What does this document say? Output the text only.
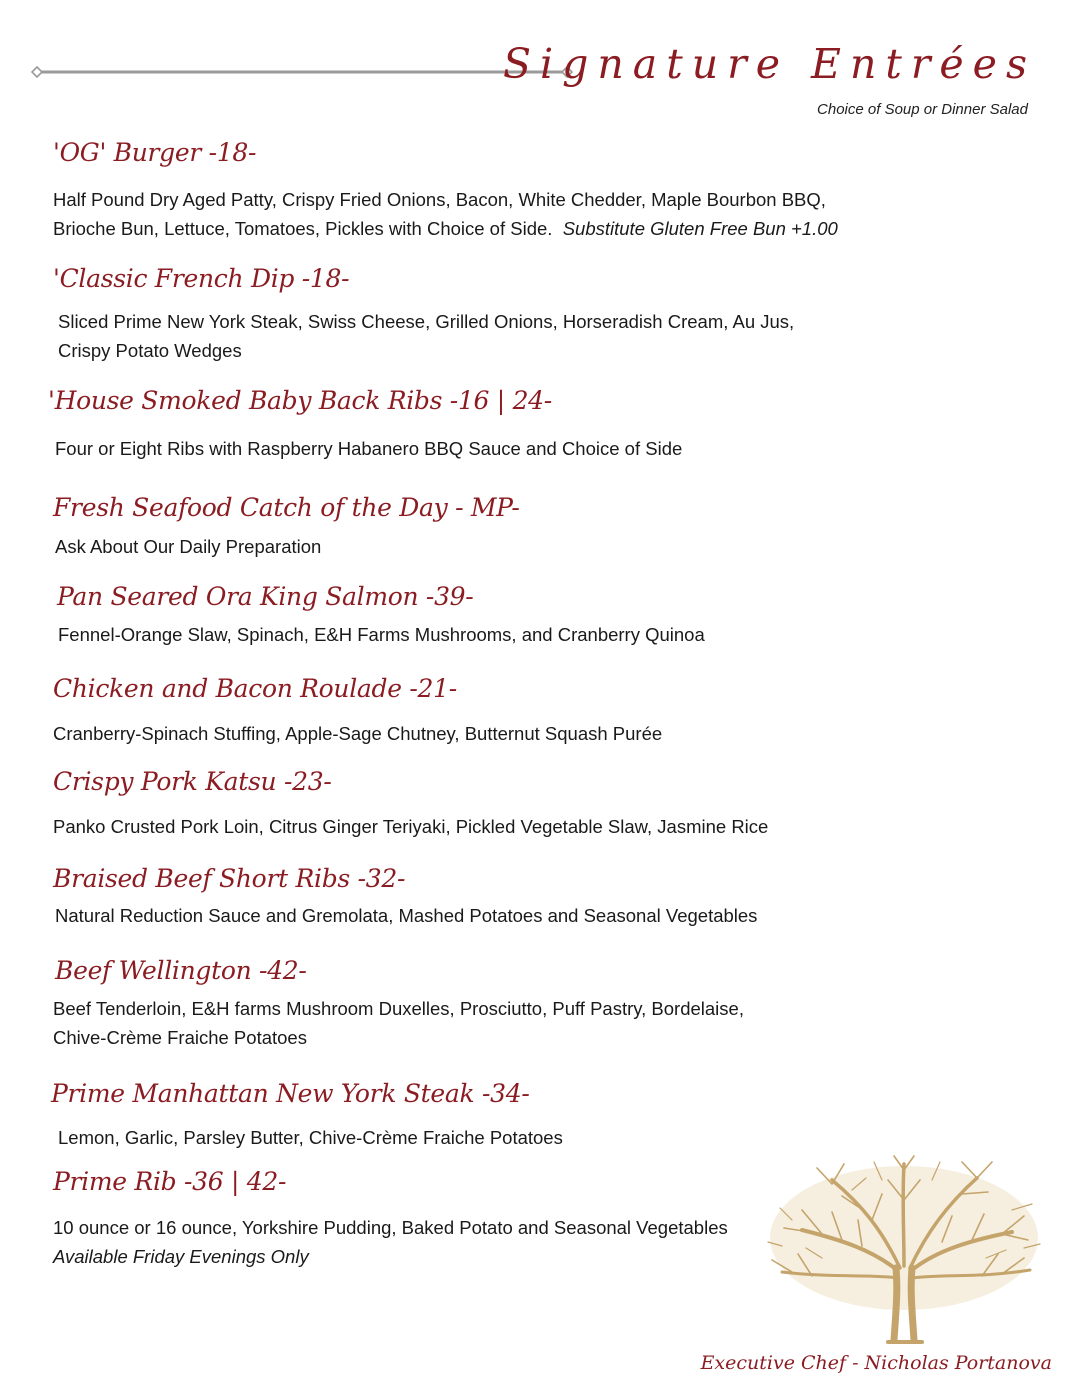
Signature Entrées
Choice of Soup or Dinner Salad
'OG' Burger -18-
Half Pound Dry Aged Patty, Crispy Fried Onions, Bacon, White Chedder, Maple Bourbon BBQ,
Brioche Bun, Lettuce, Tomatoes, Pickles with Choice of Side. Substitute Gluten Free Bun +1.00
'Classic French Dip -18-
Sliced Prime New York Steak, Swiss Cheese, Grilled Onions, Horseradish Cream, Au Jus,
Crispy Potato Wedges
'House Smoked Baby Back Ribs -16 | 24-
Four or Eight Ribs with Raspberry Habanero BBQ Sauce and Choice of Side
Fresh Seafood Catch of the Day - MP-
Ask About Our Daily Preparation
Pan Seared Ora King Salmon -39-
Fennel-Orange Slaw, Spinach, E&H Farms Mushrooms, and Cranberry Quinoa
Chicken and Bacon Roulade -21-
Cranberry-Spinach Stuffing, Apple-Sage Chutney, Butternut Squash Purée
Crispy Pork Katsu -23-
Panko Crusted Pork Loin, Citrus Ginger Teriyaki, Pickled Vegetable Slaw, Jasmine Rice
Braised Beef Short Ribs -32-
Natural Reduction Sauce and Gremolata, Mashed Potatoes and Seasonal Vegetables
Beef Wellington -42-
Beef Tenderloin, E&H farms Mushroom Duxelles, Prosciutto, Puff Pastry, Bordelaise,
Chive-Crème Fraiche Potatoes
Prime Manhattan New York Steak -34-
Lemon, Garlic, Parsley Butter, Chive-Crème Fraiche Potatoes
Prime Rib -36 | 42-
10 ounce or 16 ounce, Yorkshire Pudding, Baked Potato and Seasonal Vegetables
Available Friday Evenings Only
Executive Chef - Nicholas Portanova
